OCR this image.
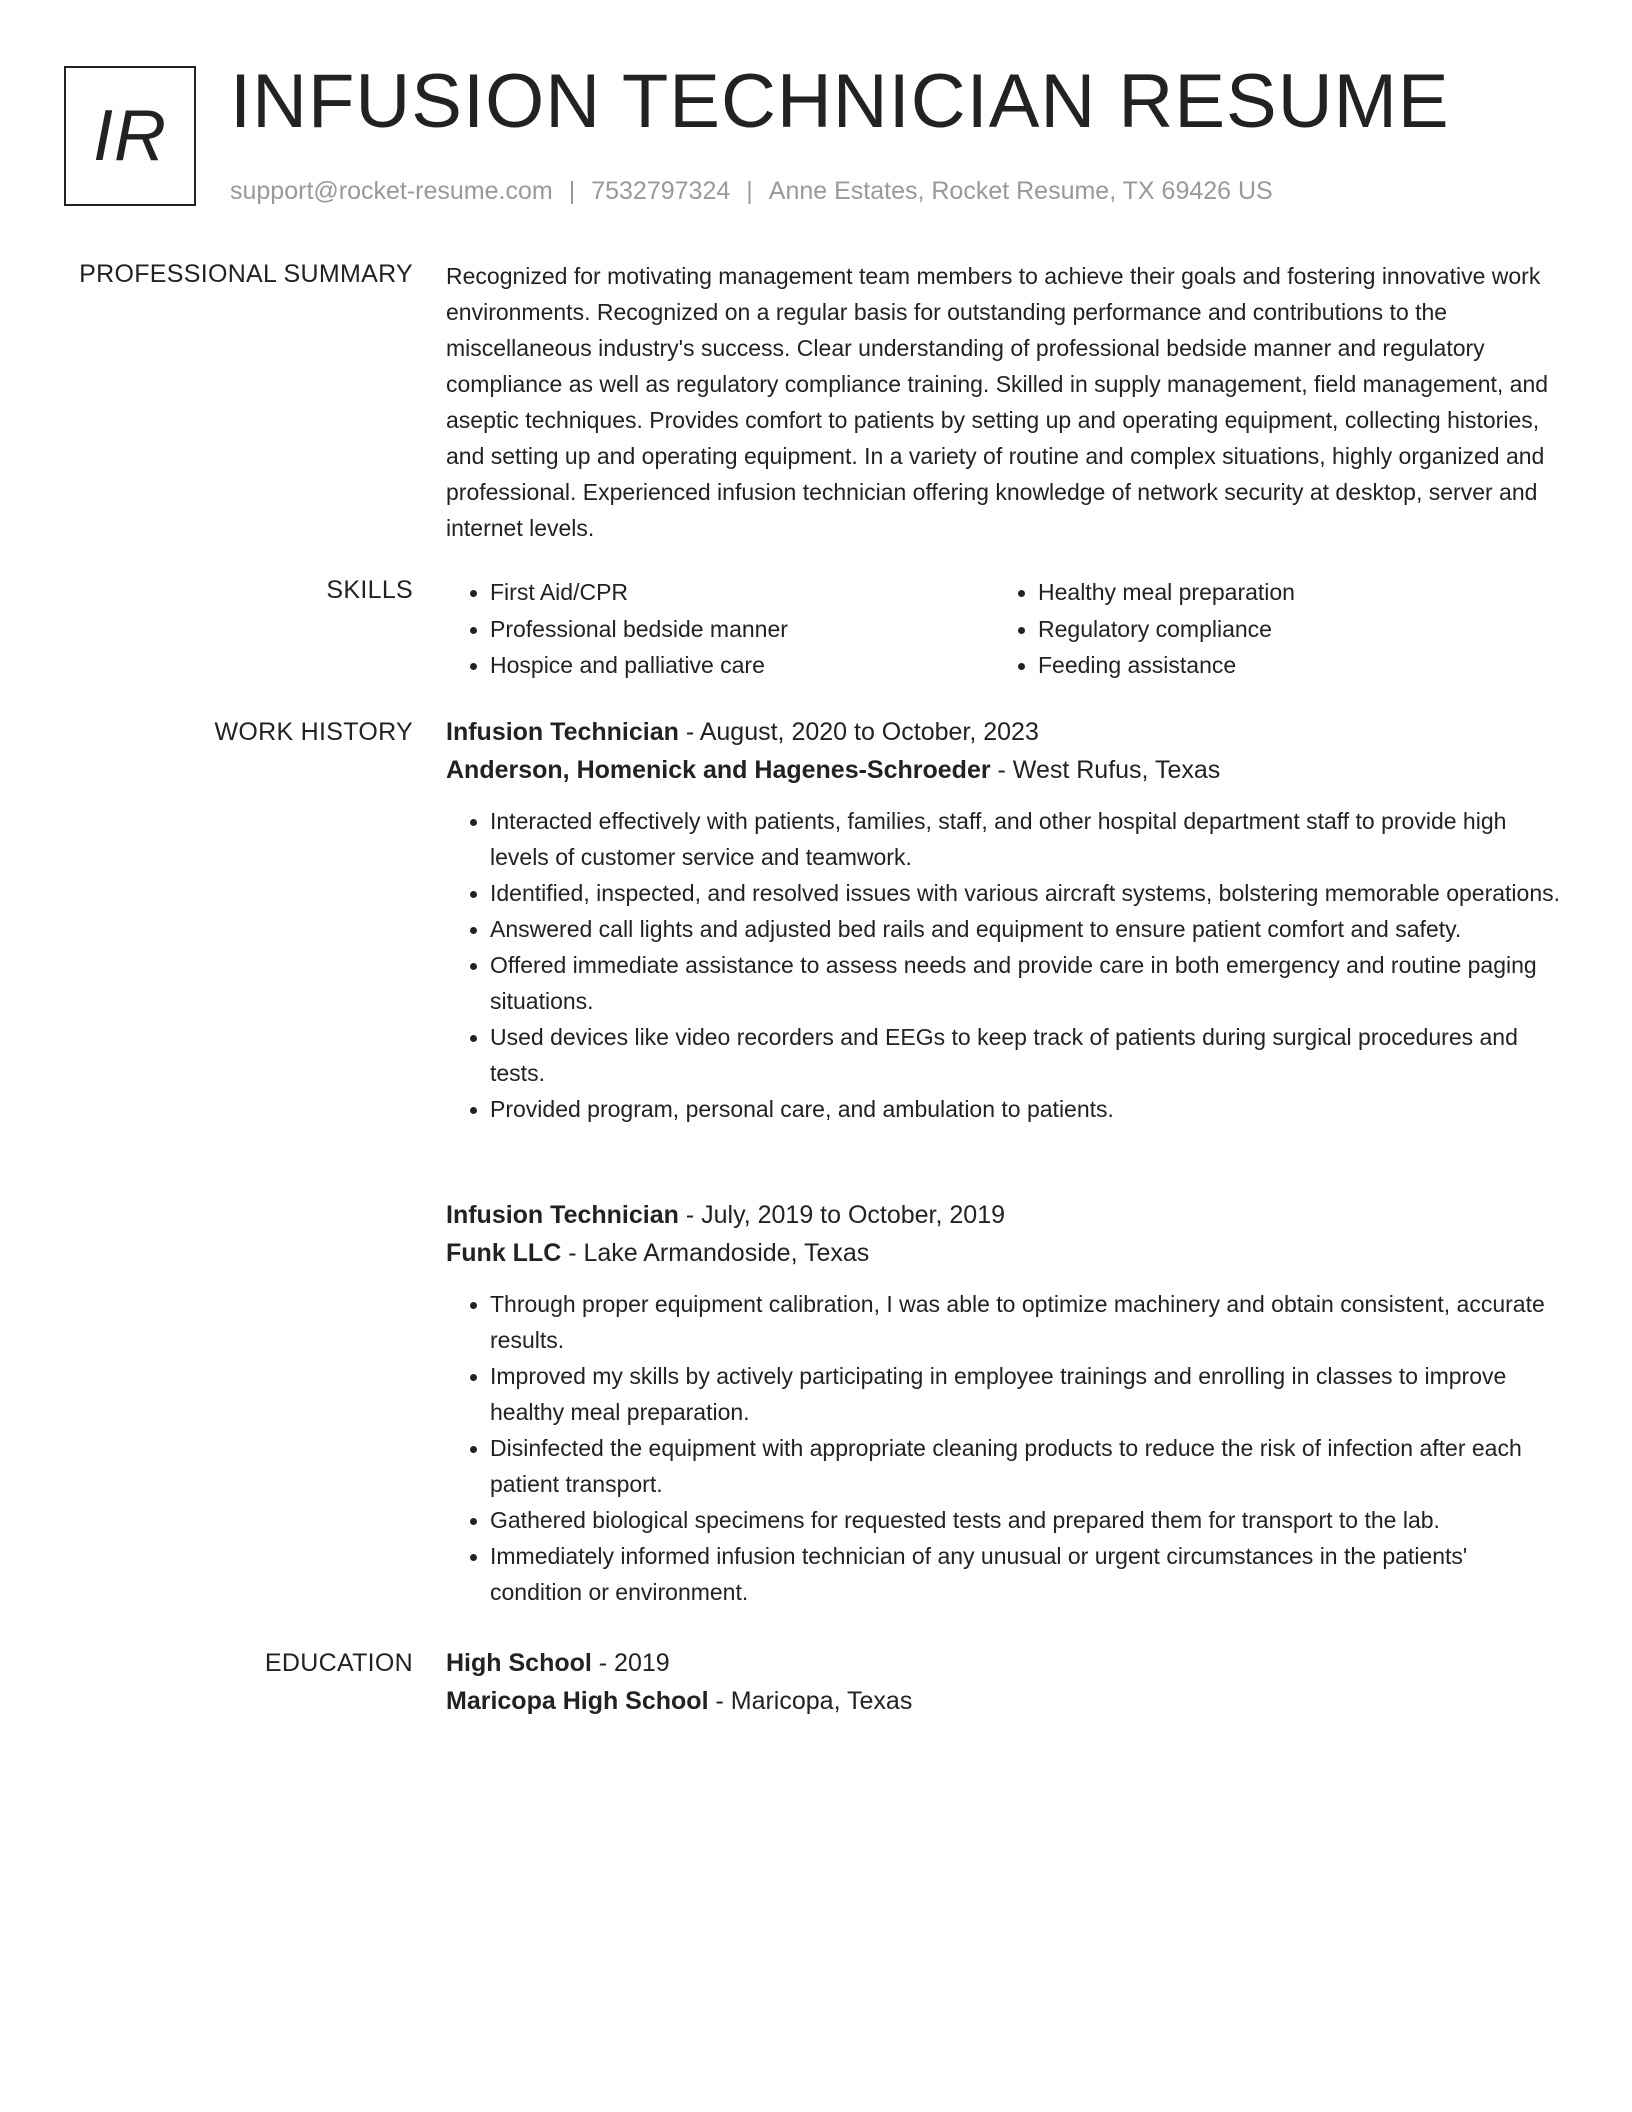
IR INFUSION TECHNICIAN RESUME
support@rocket-resume.com | 7532797324 | Anne Estates, Rocket Resume, TX 69426 US
PROFESSIONAL SUMMARY Recognized for motivating management team members to achieve their goals and fostering innovative work environments. Recognized on a regular basis for outstanding performance and contributions to the miscellaneous industry's success. Clear understanding of professional bedside manner and regulatory compliance as well as regulatory compliance training. Skilled in supply management, field management, and aseptic techniques. Provides comfort to patients by setting up and operating equipment, collecting histories, and setting up and operating equipment. In a variety of routine and complex situations, highly organized and professional. Experienced infusion technician offering knowledge of network security at desktop, server and internet levels.

SKILLS
•	First Aid/CPR
• Professional bedside manner
• Hospice and palliative care
• Healthy meal preparation
• Regulatory compliance
• Feeding assistance
WORK HISTORY Infusion Technician - August, 2020 to October, 2023
Anderson, Homenick and Hagenes-Schroeder - West Rufus, Texas
• Interacted effectively with patients, families, staff, and other hospital department staff to provide high levels of customer service and teamwork.
• Identified, inspected, and resolved issues with various aircraft systems, bolstering memorable operations.
• Answered call lights and adjusted bed rails and equipment to ensure patient comfort and safety.
• Offered immediate assistance to assess needs and provide care in both emergency and routine paging situations.
• Used devices like video recorders and EEGs to keep track of patients during surgical procedures and tests.
• Provided program, personal care, and ambulation to patients.
Infusion Technician - July, 2019 to October, 2019
Funk LLC - Lake Armandoside, Texas
• Through proper equipment calibration, I was able to optimize machinery and obtain consistent, accurate results.
• Improved my skills by actively participating in employee trainings and enrolling in classes to improve healthy meal preparation.
• Disinfected the equipment with appropriate cleaning products to reduce the risk of infection after each patient transport.
• Gathered biological specimens for requested tests and prepared them for transport to the lab.
• Immediately informed infusion technician of any unusual or urgent circumstances in the patients' condition or environment.
EDUCATION High School - 2019
Maricopa High School - Maricopa, Texas
